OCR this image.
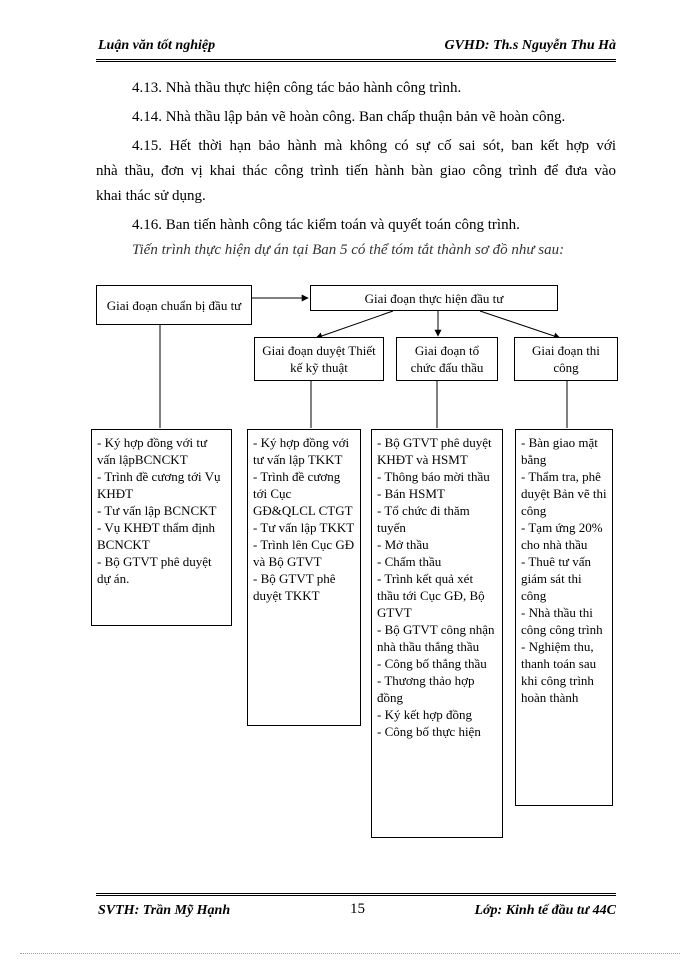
Luận văn tốt nghiệp	GVHD: Th.s Nguyễn Thu Hà
4.13. Nhà thầu thực hiện công tác bảo hành công trình.
4.14. Nhà thầu lập bản vẽ hoàn công. Ban chấp thuận bản vẽ hoàn công.
4.15. Hết thời hạn bảo hành mà không có sự cố sai sót, ban kết hợp với
nhà thầu, đơn vị khai thác công trình tiến hành bàn giao công trình để đưa vào
khai thác sử dụng.
4.16. Ban tiến hành công tác kiểm toán và quyết toán công trình.
Tiến trình thực hiện dự án tại Ban 5 có thể tóm tắt thành sơ đồ như sau:
Giai đoạn chuẩn bị đầu tư	Giai đoạn thực hiện đầu tư
Giai đoạn duyệt Thiết kế kỹ thuật
Giai đoạn tổ chức đấu thầu
Giai đoạn thi công
- Ký hợp đồng với tư vấn lậpBCNCKT
- Trình đề cương tới Vụ KHĐT
- Tư vấn lập BCNCKT
- Vụ KHĐT thẩm định BCNCKT
- Bộ GTVT phê duyệt dự án.
- Ký hợp đồng với tư vấn lập TKKT
- Trình đề cương tới Cục GĐ&QLCL CTGT
- Tư vấn lập TKKT
- Trình lên Cục GĐ và Bộ GTVT
- Bộ GTVT phê duyệt TKKT
- Bộ GTVT phê duyệt KHĐT và HSMT
- Thông báo mời thầu
- Bán HSMT
- Tổ chức đi thăm tuyến
- Mở thầu
- Chấm thầu
- Trình kết quả xét thầu tới Cục GĐ, Bộ GTVT
- Bộ GTVT công nhận nhà thầu thắng thầu
- Công bố thắng thầu
- Thương thảo hợp đồng
- Ký kết hợp đồng
- Công bố thực hiện
- Bàn giao mặt bằng
- Thẩm tra, phê duyệt Bản vẽ thi công
- Tạm ứng 20% cho nhà thầu
- Thuê tư vấn giám sát thi công
- Nhà thầu thi công công trình
- Nghiệm thu, thanh toán sau khi công trình hoàn thành
SVTH: Trần Mỹ Hạnh	15	Lớp: Kinh tế đầu tư 44C
